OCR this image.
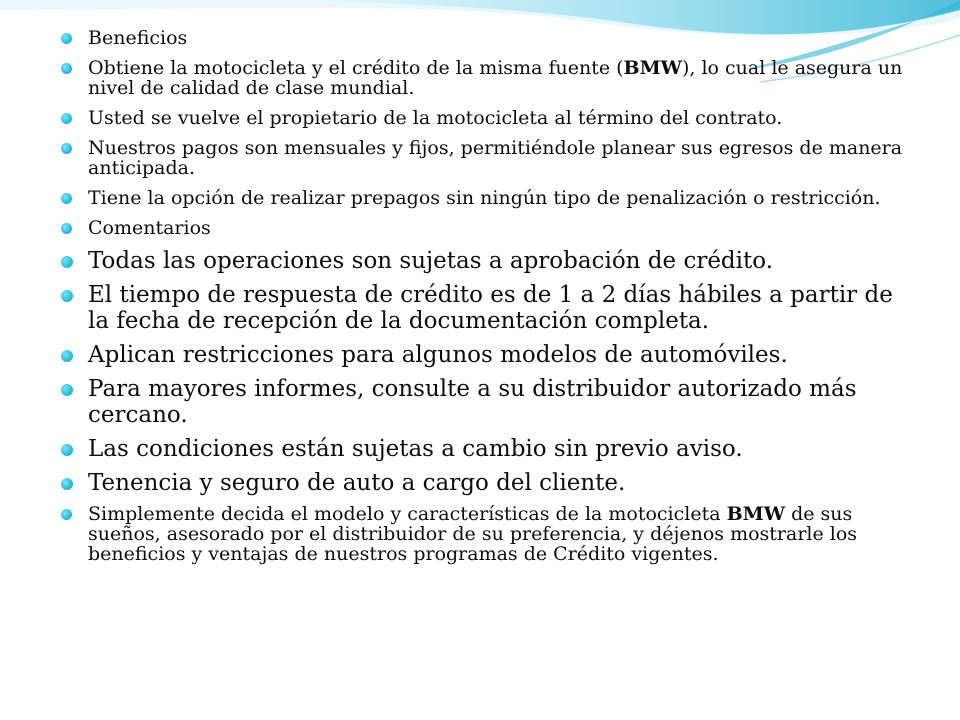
Beneficios
Obtiene la motocicleta y el crédito de la misma fuente (BMW), lo cual le asegura un nivel de calidad de clase mundial.
Usted se vuelve el propietario de la motocicleta al término del contrato.
Nuestros pagos son mensuales y fijos, permitiéndole planear sus egresos de manera anticipada.
Tiene la opción de realizar prepagos sin ningún tipo de penalización o restricción.
Comentarios
Todas las operaciones son sujetas a aprobación de crédito.
El tiempo de respuesta de crédito es de 1 a 2 días hábiles a partir de la fecha de recepción de la documentación completa.
Aplican restricciones para algunos modelos de automóviles.
Para mayores informes, consulte a su distribuidor autorizado más cercano.
Las condiciones están sujetas a cambio sin previo aviso.
Tenencia y seguro de auto a cargo del cliente.
Simplemente decida el modelo y características de la motocicleta BMW de sus sueños, asesorado por el distribuidor de su preferencia, y déjenos mostrarle los beneficios y ventajas de nuestros programas de Crédito vigentes.
